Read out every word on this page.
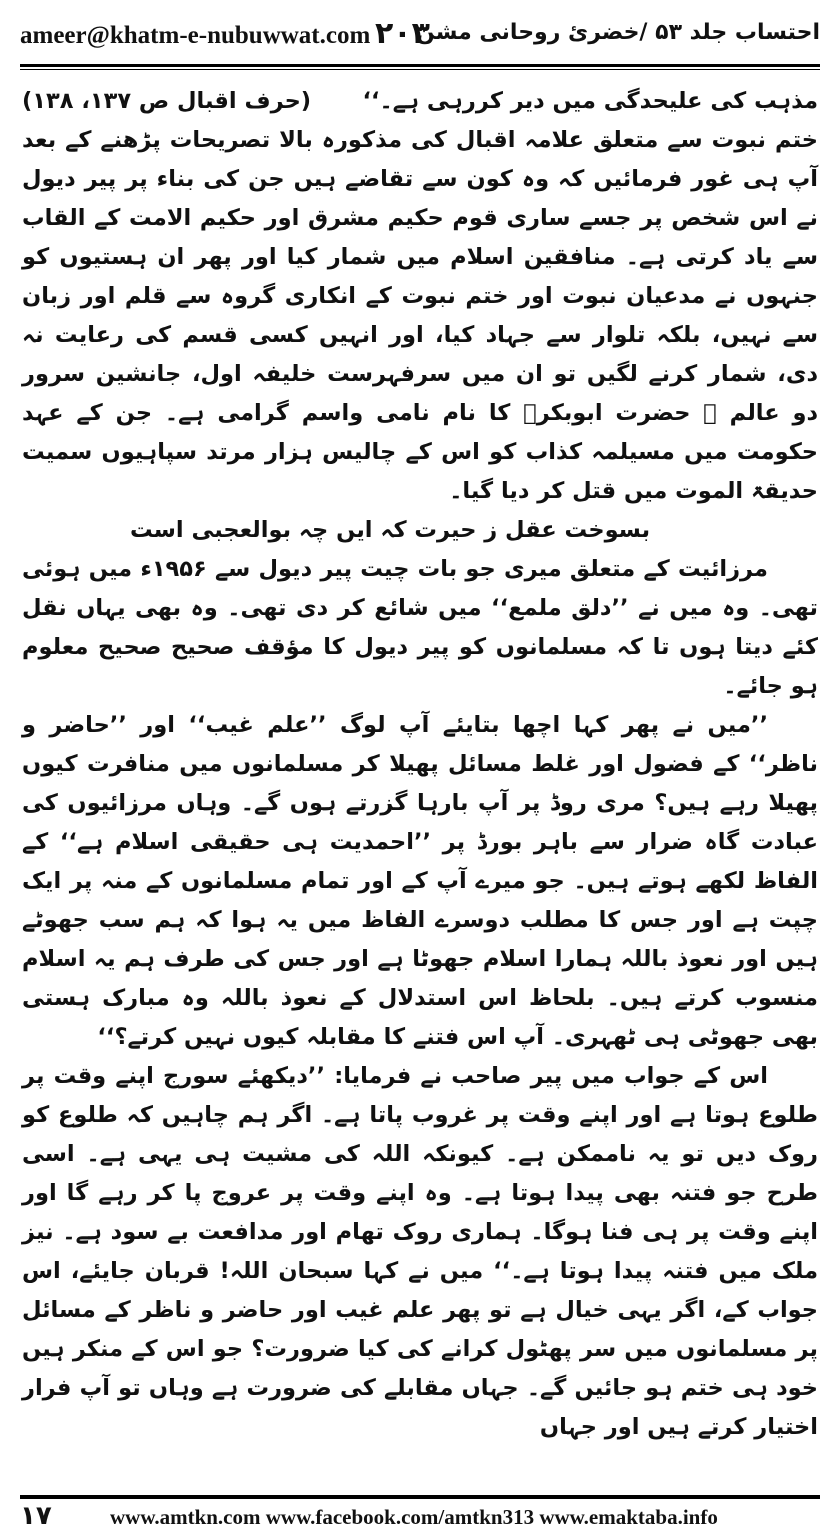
ameer@khatm-e-nubuwwat.com ۲۰۳
احتساب جلد ۵۳ /خضریٔ روحانی مشن
مذہب کی علیحدگی میں دیر کررہی ہے۔‘‘
(حرف اقبال ص ۱۳۷، ۱۳۸)

ختم نبوت سے متعلق علامہ اقبال کی مذکورہ بالا تصریحات پڑھنے کے بعد آپ ہی غور فرمائیں کہ وہ کون سے تقاضے ہیں جن کی بناء پر پیر دیول نے اس شخص پر جسے ساری قوم حکیم مشرق اور حکیم الامت کے القاب سے یاد کرتی ہے۔ منافقین اسلام میں شمار کیا اور پھر ان ہستیوں کو جنہوں نے مدعیان نبوت اور ختم نبوت کے انکاری گروہ سے قلم اور زبان سے نہیں، بلکہ تلوار سے جہاد کیا، اور انہیں کسی قسم کی رعایت نہ دی، شمار کرنے لگیں تو ان میں سرفہرست خلیفہ اول، جانشین سرور دو عالم ﷺ حضرت ابوبکرؓ کا نام نامی واسم گرامی ہے۔ جن کے عہد حکومت میں مسیلمہ کذاب کو اس کے چالیس ہزار مرتد سپاہیوں سمیت حدیقۃ الموت میں قتل کر دیا گیا۔

بسوخت عقل ز حیرت کہ ایں چہ بوالعجبی است

مرزائیت کے متعلق میری جو بات چیت پیر دیول سے ۱۹۵۶ء میں ہوئی تھی۔ وہ میں نے ’’دلق ملمع‘‘ میں شائع کر دی تھی۔ وہ بھی یہاں نقل کئے دیتا ہوں تا کہ مسلمانوں کو پیر دیول کا مؤقف صحیح صحیح معلوم ہو جائے۔

’’میں نے پھر کہا اچھا بتایئے آپ لوگ ’’علم غیب‘‘ اور ’’حاضر و ناظر‘‘ کے فضول اور غلط مسائل پھیلا کر مسلمانوں میں منافرت کیوں پھیلا رہے ہیں؟ مری روڈ پر آپ بارہا گزرتے ہوں گے۔ وہاں مرزائیوں کی عبادت گاہ ضرار سے باہر بورڈ پر ’’احمدیت ہی حقیقی اسلام ہے‘‘ کے الفاظ لکھے ہوتے ہیں۔ جو میرے آپ کے اور تمام مسلمانوں کے منہ پر ایک چپت ہے اور جس کا مطلب دوسرے الفاظ میں یہ ہوا کہ ہم سب جھوٹے ہیں اور نعوذ باللہ ہمارا اسلام جھوٹا ہے اور جس کی طرف ہم یہ اسلام منسوب کرتے ہیں۔ بلحاظ اس استدلال کے نعوذ باللہ وہ مبارک ہستی بھی جھوٹی ہی ٹھہری۔ آپ اس فتنے کا مقابلہ کیوں نہیں کرتے؟‘‘

اس کے جواب میں پیر صاحب نے فرمایا: ’’دیکھئے سورج اپنے وقت پر طلوع ہوتا ہے اور اپنے وقت پر غروب پاتا ہے۔ اگر ہم چاہیں کہ طلوع کو روک دیں تو یہ ناممکن ہے۔ کیونکہ اللہ کی مشیت ہی یہی ہے۔ اسی طرح جو فتنہ بھی پیدا ہوتا ہے۔ وہ اپنے وقت پر عروج پا کر رہے گا اور اپنے وقت پر ہی فنا ہوگا۔ ہماری روک تھام اور مدافعت بے سود ہے۔ نیز ملک میں فتنہ پیدا ہوتا ہے۔‘‘ میں نے کہا سبحان اللہ! قربان جایئے، اس جواب کے، اگر یہی خیال ہے تو پھر علم غیب اور حاضر و ناظر کے مسائل پر مسلمانوں میں سر پھٹول کرانے کی کیا ضرورت؟ جو اس کے منکر ہیں خود ہی ختم ہو جائیں گے۔ جہاں مقابلے کی ضرورت ہے وہاں تو آپ فرار اختیار کرتے ہیں اور جہاں

۱۷	www.amtkn.com www.facebook.com/amtkn313 www.emaktaba.info
